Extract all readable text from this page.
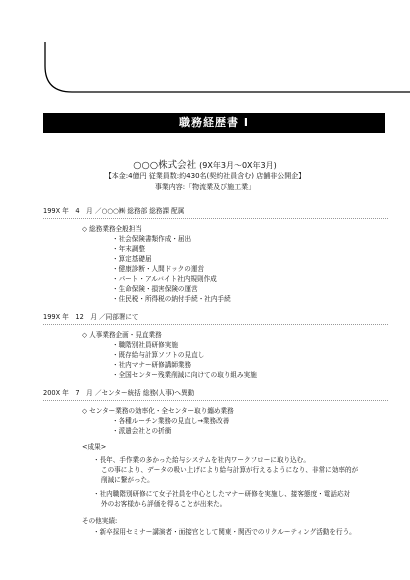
職務経歴書 Ⅰ
○○○株式会社 (9X年3月〜0X年3月)
【本金:4億円 従業員数:約430名(契約社員含む) 店舗非公開企】
事業内容:「物流業及び施工業」
199X 年　4　月 ／○○○㈱ 総務部 総務課 配属
◇ 総務業務全般担当
・社会保険書類作成・届出
・年末調整
・算定基礎届
・健康診断・人間ドックの運営
・パート・アルバイト社内規則作成
・生命保険・損害保険の運営
・住民税・所得税の納付手続・社内手続
199X 年　12　月 ／同部署にて
◇ 人事業務企画・見直業務
・職階別社員研修実施
・既存給与計算ソフトの見直し
・社内マナー研修講師業務
・全国センター残業削減に向けての取り組み実施
200X 年　7　月 ／センター統括 総務(人事)へ異動
◇ センター業務の効率化・全センター取り纏め業務
・各種ルーチン業務の見直し→業務改善
・派遣会社との折衝
<成果>
・長年、手作業の多かった給与システムを社内ワークフローに取り込む。
この事により、データの吸い上げにより給与計算が行えるようになり、非常に効率的が
削減に繋がった。
・社内職階別研修にて女子社員を中心としたマナー研修を実施し、接客態度・電話応対
外のお客様から評価を得ることが出来た。
その他実績:
・新卒採用セミナー講演者・面接官として関東・関西でのリクルーティング活動を行う。
